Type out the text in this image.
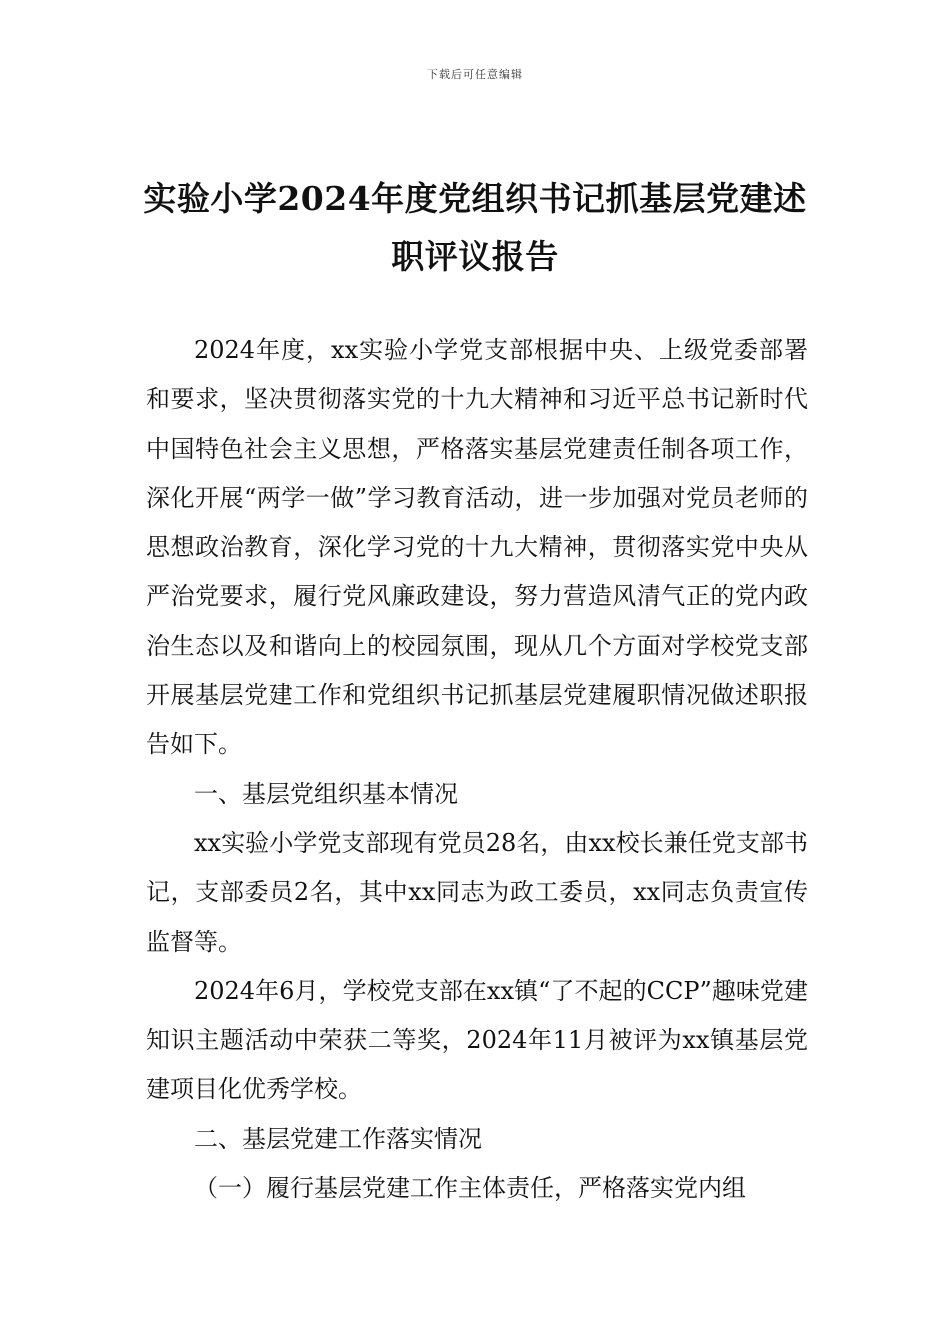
下载后可任意编辑
实验小学2024年度党组织书记抓基层党建述职评议报告

2024年度，xx实验小学党支部根据中央、上级党委部署和要求，坚决贯彻落实党的十九大精神和习近平总书记新时代中国特色社会主义思想，严格落实基层党建责任制各项工作，深化开展“两学一做”学习教育活动，进一步加强对党员老师的思想政治教育，深化学习党的十九大精神，贯彻落实党中央从严治党要求，履行党风廉政建设，努力营造风清气正的党内政治生态以及和谐向上的校园氛围，现从几个方面对学校党支部开展基层党建工作和党组织书记抓基层党建履职情况做述职报告如下。

一、基层党组织基本情况

xx实验小学党支部现有党员28名，由xx校长兼任党支部书记，支部委员2名，其中xx同志为政工委员，xx同志负责宣传监督等。

2024年6月，学校党支部在xx镇“了不起的CCP”趣味党建知识主题活动中荣获二等奖，2024年11月被评为xx镇基层党建项目化优秀学校。

二、基层党建工作落实情况

（一）履行基层党建工作主体责任，严格落实党内组
